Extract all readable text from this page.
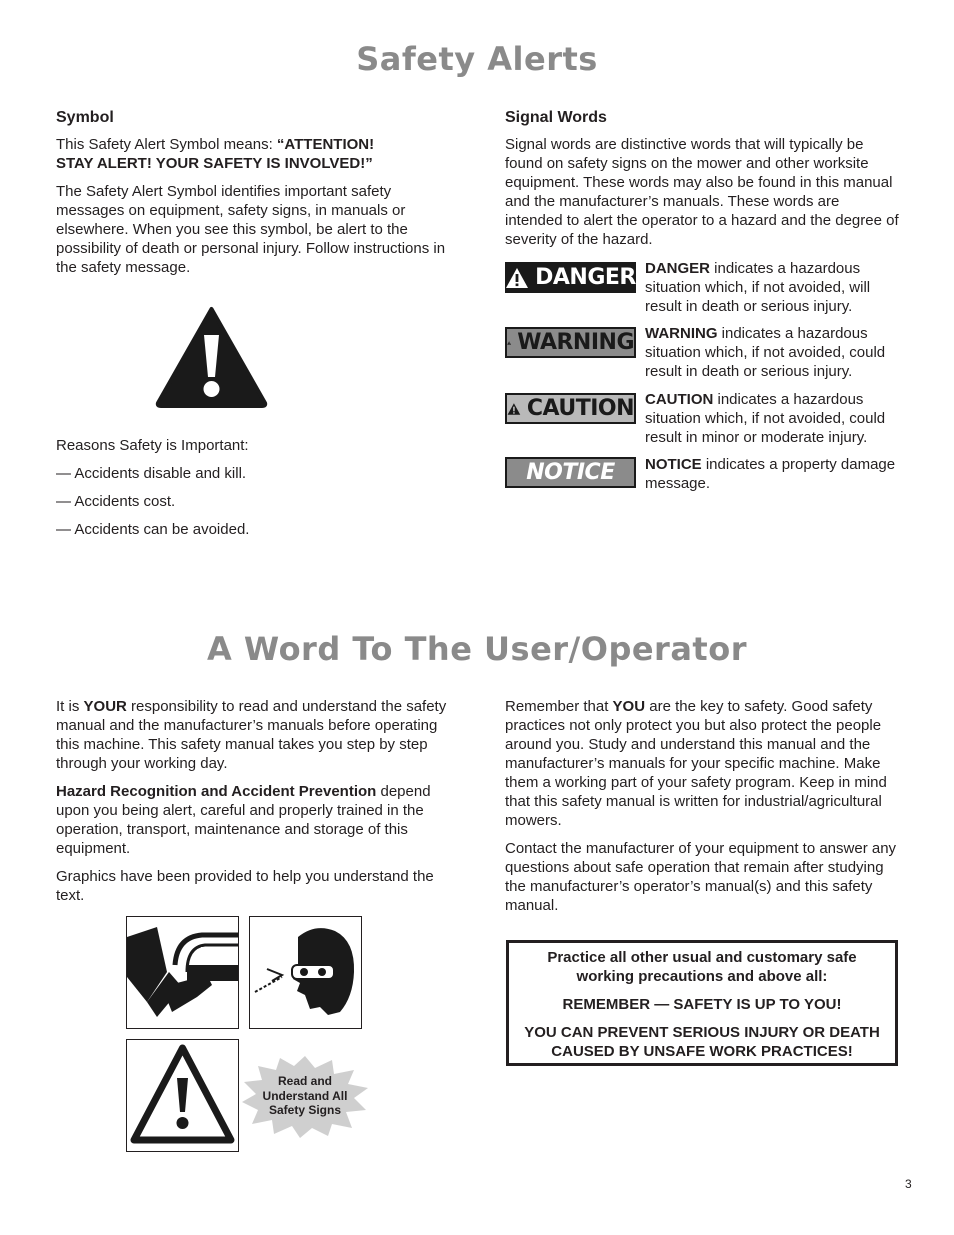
Safety Alerts
Symbol

This Safety Alert Symbol means: “ATTENTION!
STAY ALERT! YOUR SAFETY IS INVOLVED!”

The Safety Alert Symbol identifies important safety messages on equipment, safety signs, in manuals or elsewhere. When you see this symbol, be alert to the possibility of death or personal injury. Follow instructions in the safety message.

Reasons Safety is Important:

— Accidents disable and kill.

— Accidents cost.

— Accidents can be avoided.

Signal Words

Signal words are distinctive words that will typically be found on safety signs on the mower and other worksite equipment. These words may also be found in this manual and the manufacturer’s manuals. These words are intended to alert the operator to a hazard and the degree of severity of the hazard.

DANGER DANGER indicates a hazardous situation which, if not avoided, will result in death or serious injury.
WARNING WARNING indicates a hazardous situation which, if not avoided, could result in death or serious injury.
CAUTION CAUTION indicates a hazardous situation which, if not avoided, could result in minor or moderate injury.
NOTICE NOTICE indicates a property damage message.
A Word To The User/Operator

It is YOUR responsibility to read and understand the safety manual and the manufacturer’s manuals before operating this machine. This safety manual takes you step by step through your working day.

Hazard Recognition and Accident Prevention depend upon you being alert, careful and properly trained in the operation, transport, maintenance and storage of this equipment.

Graphics have been provided to help you understand the text.

Remember that YOU are the key to safety. Good safety practices not only protect you but also protect the people around you. Study and understand this manual and the manufacturer’s manuals for your specific machine. Make them a working part of your safety program. Keep in mind that this safety manual is written for industrial/agricultural mowers.

Contact the manufacturer of your equipment to answer any questions about safe operation that remain after studying the manufacturer’s operator’s manual(s) and this safety manual.

Read and
Understand All
Safety Signs

Practice all other usual and customary safe working precautions and above all:

REMEMBER — SAFETY IS UP TO YOU!

YOU CAN PREVENT SERIOUS INJURY OR DEATH CAUSED BY UNSAFE WORK PRACTICES!

3
